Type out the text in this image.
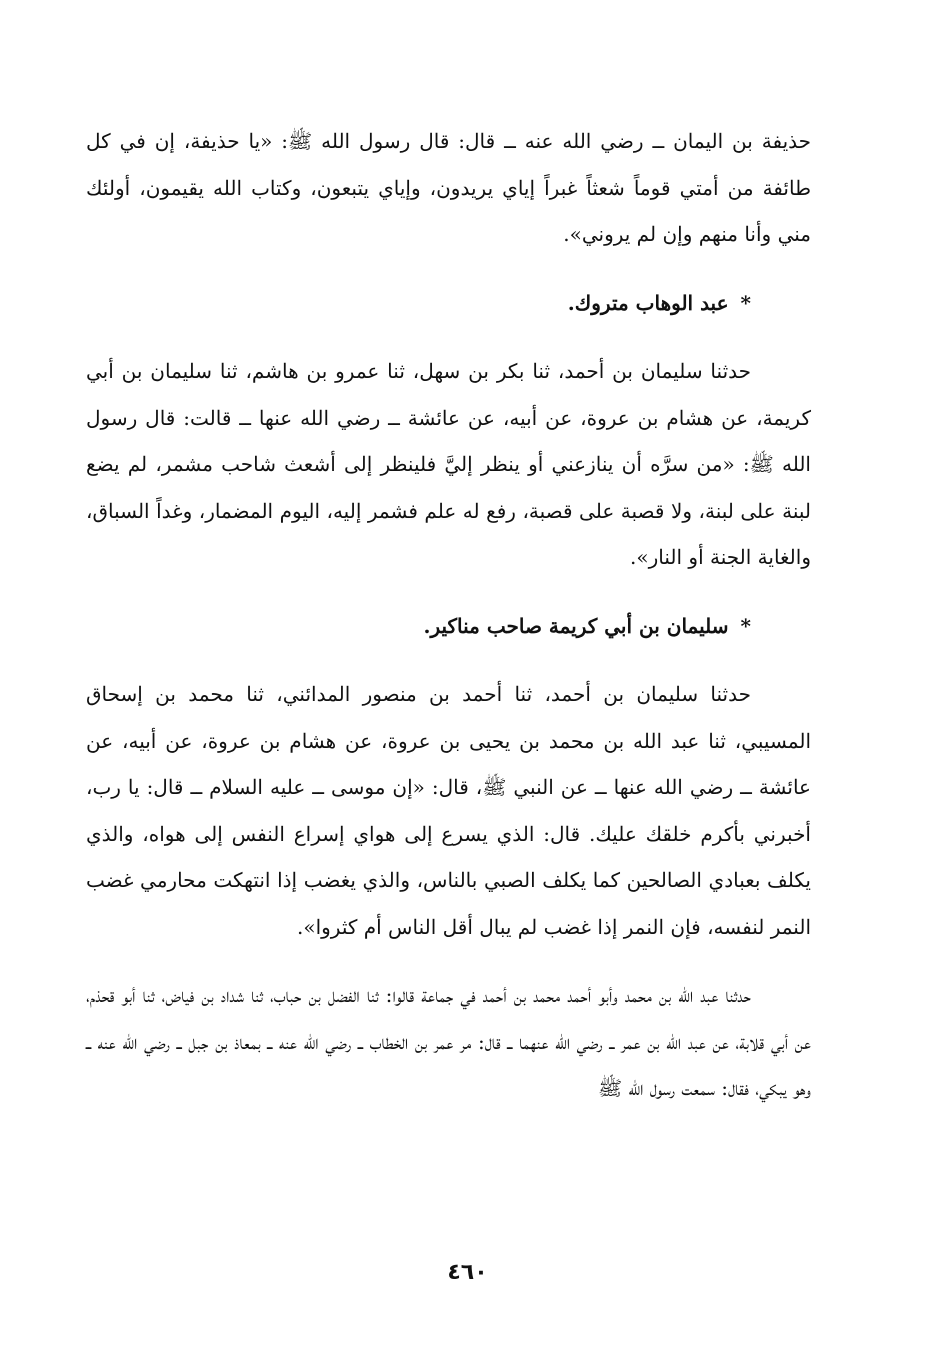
حذيفة بن اليمان ــ رضي الله عنه ــ قال: قال رسول الله ﷺ: «يا حذيفة، إن في كل طائفة من أمتي قوماً شعثاً غبراً إياي يريدون، وإياي يتبعون، وكتاب الله يقيمون، أولئك مني وأنا منهم وإن لم يروني».

*عبد الوهاب متروك.

حدثنا سليمان بن أحمد، ثنا بكر بن سهل، ثنا عمرو بن هاشم، ثنا سليمان بن أبي كريمة، عن هشام بن عروة، عن أبيه، عن عائشة ــ رضي الله عنها ــ قالت: قال رسول الله ﷺ: «من سرَّه أن ينازعني أو ينظر إليَّ فلينظر إلى أشعث شاحب مشمر، لم يضع لبنة على لبنة، ولا قصبة على قصبة، رفع له علم فشمر إليه، اليوم المضمار، وغداً السباق، والغاية الجنة أو النار».

*سليمان بن أبي كريمة صاحب مناكير.

حدثنا سليمان بن أحمد، ثنا أحمد بن منصور المدائني، ثنا محمد بن إسحاق المسيبي، ثنا عبد الله بن محمد بن يحيى بن عروة، عن هشام بن عروة، عن أبيه، عن عائشة ــ رضي الله عنها ــ عن النبي ﷺ، قال: «إن موسى ــ عليه السلام ــ قال: يا رب، أخبرني بأكرم خلقك عليك. قال: الذي يسرع إلى هواي إسراع النفس إلى هواه، والذي يكلف بعبادي الصالحين كما يكلف الصبي بالناس، والذي يغضب إذا انتهكت محارمي غضب النمر لنفسه، فإن النمر إذا غضب لم يبال أقل الناس أم كثروا».

حدثنا عبد الله بن محمد وأبو أحمد محمد بن أحمد في جماعة قالوا: ثنا الفضل بن حباب، ثنا شداد بن فياض، ثنا أبو قحذم، عن أبي قلابة، عن عبد الله بن عمر ــ رضي الله عنهما ــ قال: مر عمر بن الخطاب ــ رضي الله عنه ــ بمعاذ بن جبل ــ رضي الله عنه ــ وهو يبكي، فقال: سمعت رسول الله ﷺ

٤٦٠
